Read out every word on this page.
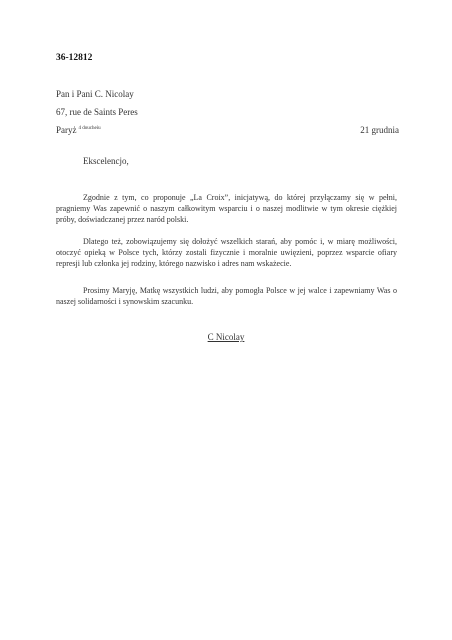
36-12812
Pan i Pani C. Nicolay
67, rue de Saints Peres
Paryż $^{4 doucheiu}$	21 grudnia
Ekscelencjo,

Zgodnie z tym, co proponuje „La Croix”, inicjatywą, do której przyłączamy się w pełni, pragniemy Was zapewnić o naszym całkowitym wsparciu i o naszej modlitwie w tym okresie ciężkiej próby, doświadczanej przez naród polski.

Dlatego też, zobowiązujemy się dołożyć wszelkich starań, aby pomóc i, w miarę możliwości, otoczyć opieką w Polsce tych, którzy zostali fizycznie i moralnie uwięzieni, poprzez wsparcie ofiary represji lub członka jej rodziny, którego nazwisko i adres nam wskażecie.

Prosimy Maryję, Matkę wszystkich ludzi, aby pomogła Polsce w jej walce i zapewniamy Was o naszej solidarności i synowskim szacunku.

C Nicolay
